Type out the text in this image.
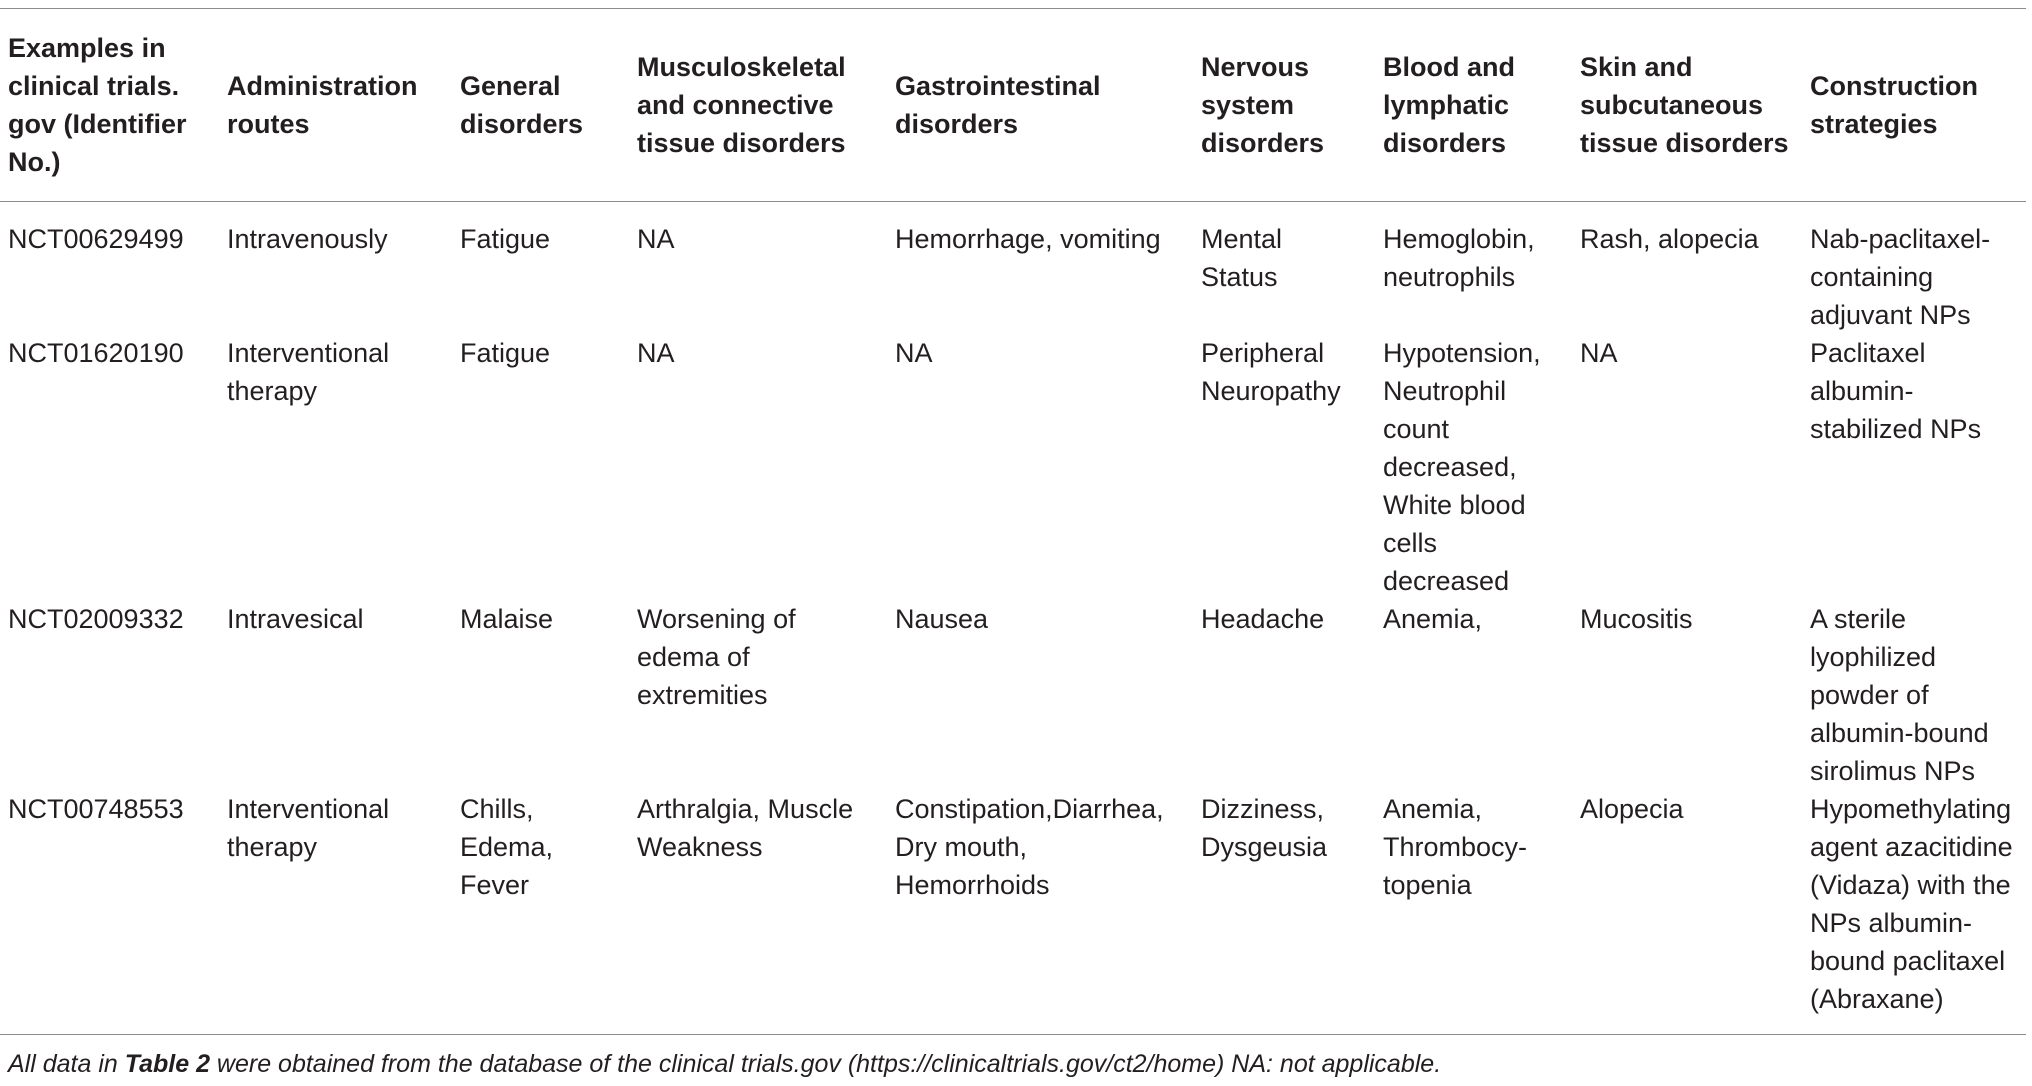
Examples in clinical trials. gov (Identifier No.)	Administration routes	General disorders	Musculoskeletal and connective tissue disorders	Gastrointestinal disorders	Nervous system disorders	Blood and lymphatic disorders	Skin and subcutaneous tissue disorders	Construction strategies
NCT00629499	Intravenously	Fatigue	NA	Hemorrhage, vomiting	Mental Status	Hemoglobin, neutrophils	Rash, alopecia	Nab-paclitaxel-containing adjuvant NPs
NCT01620190	Interventional therapy	Fatigue	NA	NA	Peripheral Neuropathy	Hypotension, Neutrophil count decreased, White blood cells decreased	NA	Paclitaxel albumin-stabilized NPs
NCT02009332	Intravesical	Malaise	Worsening of edema of extremities	Nausea	Headache	Anemia,	Mucositis	A sterile lyophilized powder of albumin-bound sirolimus NPs
NCT00748553	Interventional therapy	Chills, Edema, Fever	Arthralgia, Muscle Weakness	Constipation,Diarrhea, Dry mouth, Hemorrhoids	Dizziness, Dysgeusia	Anemia, Thrombocy-topenia	Alopecia	Hypomethylating agent azacitidine (Vidaza) with the NPs albumin-bound paclitaxel (Abraxane)
All data in Table 2 were obtained from the database of the clinical trials.gov (https://clinicaltrials.gov/ct2/home) NA: not applicable.
